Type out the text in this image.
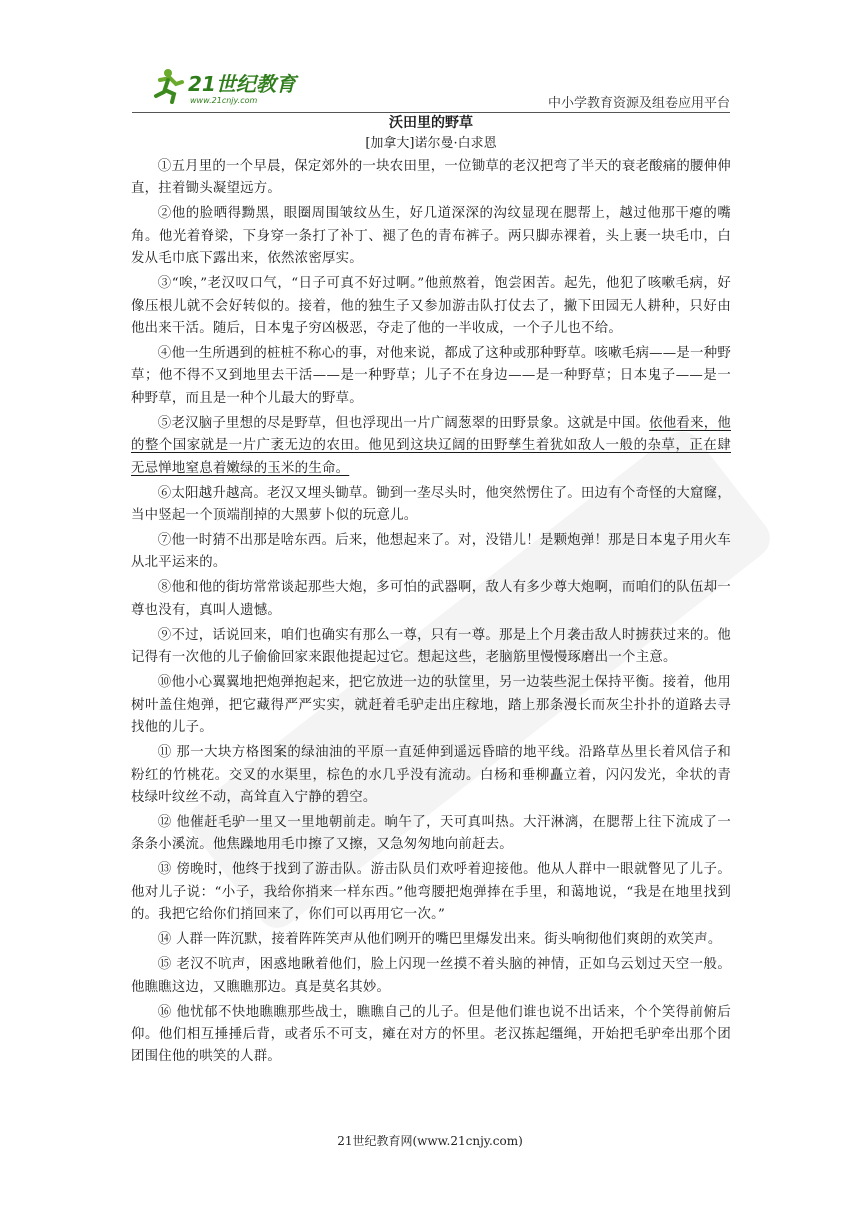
21世纪教育
www.21cnjy.com	中小学教育资源及组卷应用平台
沃田里的野草

[加拿大]诺尔曼·白求恩

①五月里的一个早晨，保定郊外的一块农田里，一位锄草的老汉把弯了半天的衰老酸痛的腰伸伸直，拄着锄头凝望远方。

②他的脸晒得黝黑，眼圈周围皱纹丛生，好几道深深的沟纹显现在腮帮上，越过他那干瘪的嘴角。他光着脊梁，下身穿一条打了补丁、褪了色的青布裤子。两只脚赤裸着，头上裹一块毛巾，白发从毛巾底下露出来，依然浓密厚实。

③“唉，”老汉叹口气，“日子可真不好过啊。”他煎熬着，饱尝困苦。起先，他犯了咳嗽毛病，好像压根儿就不会好转似的。接着，他的独生子又参加游击队打仗去了，撇下田园无人耕种，只好由他出来干活。随后，日本鬼子穷凶极恶，夺走了他的一半收成，一个子儿也不给。

④他一生所遇到的桩桩不称心的事，对他来说，都成了这种或那种野草。咳嗽毛病——是一种野草；他不得不又到地里去干活——是一种野草；儿子不在身边——是一种野草；日本鬼子——是一种野草，而且是一种个儿最大的野草。

⑤老汉脑子里想的尽是野草，但也浮现出一片广阔葱翠的田野景象。这就是中国。依他看来，他的整个国家就是一片广袤无边的农田。他见到这块辽阔的田野孳生着犹如敌人一般的杂草，正在肆无忌惮地窒息着嫩绿的玉米的生命。

⑥太阳越升越高。老汉又埋头锄草。锄到一垄尽头时，他突然愣住了。田边有个奇怪的大窟窿，当中竖起一个顶端削掉的大黑萝卜似的玩意儿。

⑦他一时猜不出那是啥东西。后来，他想起来了。对，没错儿！是颗炮弹！那是日本鬼子用火车从北平运来的。

⑧他和他的街坊常常谈起那些大炮，多可怕的武器啊，敌人有多少尊大炮啊，而咱们的队伍却一尊也没有，真叫人遗憾。

⑨不过，话说回来，咱们也确实有那么一尊，只有一尊。那是上个月袭击敌人时掳获过来的。他记得有一次他的儿子偷偷回家来跟他提起过它。想起这些，老脑筋里慢慢琢磨出一个主意。

⑩他小心翼翼地把炮弹抱起来，把它放进一边的驮筐里，另一边装些泥土保持平衡。接着，他用树叶盖住炮弹，把它藏得严严实实，就赶着毛驴走出庄稼地，踏上那条漫长而灰尘扑扑的道路去寻找他的儿子。

⑪ 那一大块方格图案的绿油油的平原一直延伸到遥远昏暗的地平线。沿路草丛里长着风信子和粉红的竹桃花。交叉的水渠里，棕色的水几乎没有流动。白杨和垂柳矗立着，闪闪发光，伞状的青枝绿叶纹丝不动，高耸直入宁静的碧空。

⑫ 他催赶毛驴一里又一里地朝前走。晌午了，天可真叫热。大汗淋漓，在腮帮上往下流成了一条条小溪流。他焦躁地用毛巾擦了又擦，又急匆匆地向前赶去。

⑬ 傍晚时，他终于找到了游击队。游击队员们欢呼着迎接他。他从人群中一眼就瞥见了儿子。他对儿子说：“小子，我给你捎来一样东西。”他弯腰把炮弹捧在手里，和蔼地说，“我是在地里找到的。我把它给你们捎回来了，你们可以再用它一次。”

⑭ 人群一阵沉默，接着阵阵笑声从他们咧开的嘴巴里爆发出来。街头响彻他们爽朗的欢笑声。

⑮ 老汉不吭声，困惑地瞅着他们，脸上闪现一丝摸不着头脑的神情，正如乌云划过天空一般。他瞧瞧这边，又瞧瞧那边。真是莫名其妙。

⑯ 他忧郁不快地瞧瞧那些战士，瞧瞧自己的儿子。但是他们谁也说不出话来，个个笑得前俯后仰。他们相互捶捶后背，或者乐不可支，瘫在对方的怀里。老汉拣起缰绳，开始把毛驴牵出那个团团围住他的哄笑的人群。

21世纪教育网(www.21cnjy.com)
